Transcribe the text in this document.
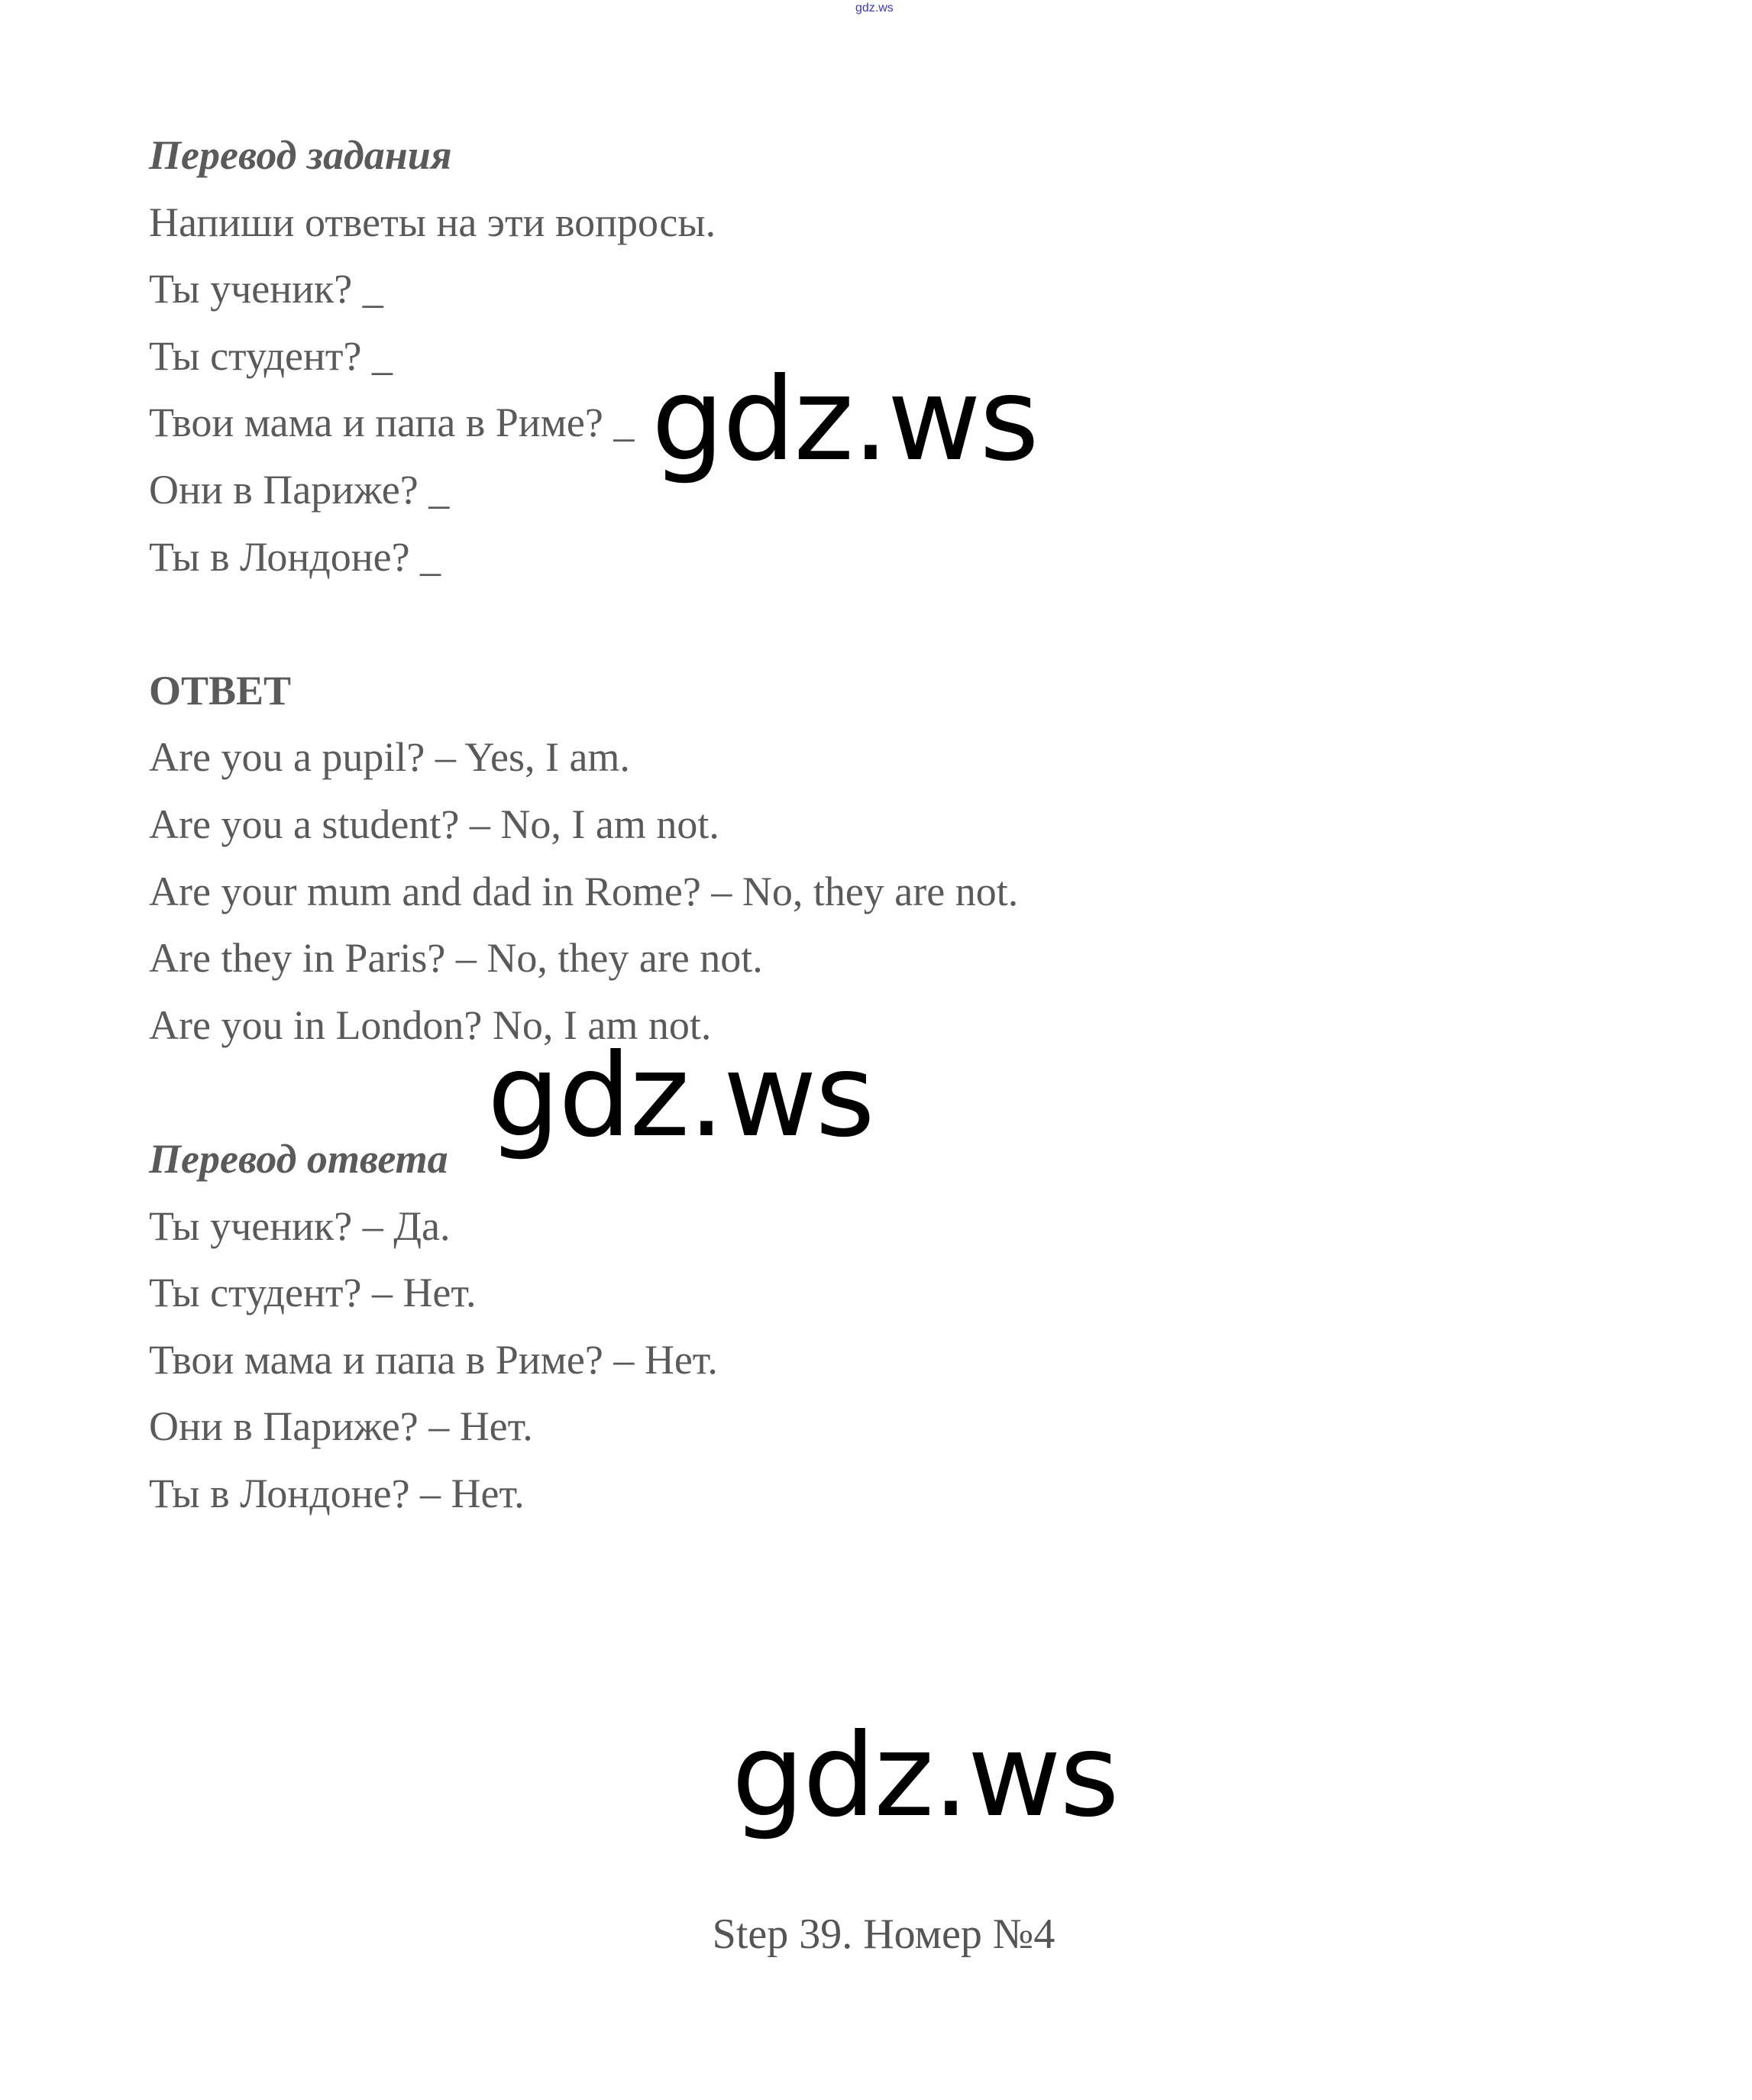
gdz.ws
Перевод задания
Напиши ответы на эти вопросы.
Ты ученик? _
Ты студент? _
Твои мама и папа в Риме? _
Они в Париже? _
Ты в Лондоне? _
ОТВЕТ
Are you a pupil? – Yes, I am.
Are you a student? – No, I am not.
Are your mum and dad in Rome? – No, they are not.
Are they in Paris? – No, they are not.
Are you in London? No, I am not.
Перевод ответа
Ты ученик? – Да.
Ты студент? – Нет.
Твои мама и папа в Риме? – Нет.
Они в Париже? – Нет.
Ты в Лондоне? – Нет.
gdz.ws
gdz.ws
gdz.ws
Step 39. Номер №4
